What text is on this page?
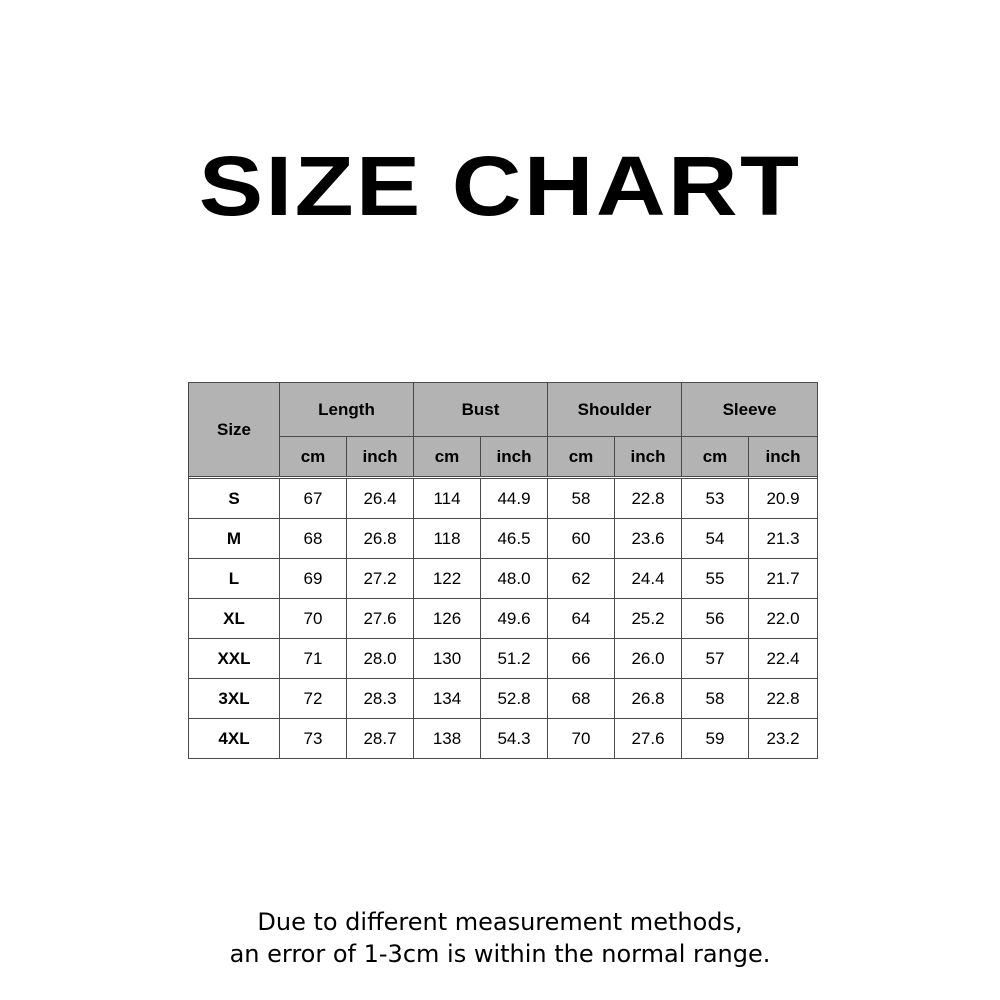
SIZE CHART
Size	Length		Bust		Shoulder		Sleeve	
	cm	inch	cm	inch	cm	inch	cm	inch

S	67	26.4	114	44.9	58	22.8	53	20.9
M	68	26.8	118	46.5	60	23.6	54	21.3
L	69	27.2	122	48.0	62	24.4	55	21.7
XL	70	27.6	126	49.6	64	25.2	56	22.0
XXL	71	28.0	130	51.2	66	26.0	57	22.4
3XL	72	28.3	134	52.8	68	26.8	58	22.8
4XL	73	28.7	138	54.3	70	27.6	59	23.2
Due to different measurement methods,
an error of 1-3cm is within the normal range.
